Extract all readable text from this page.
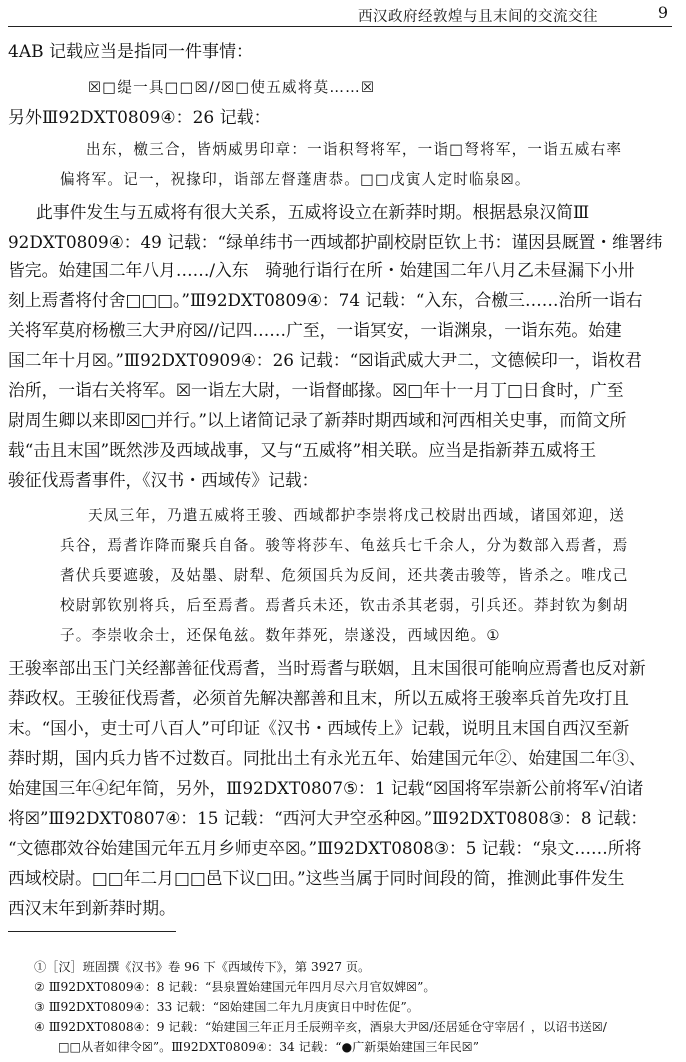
西汉政府经敦煌与且末间的交流交往	9
4AB 记载应当是指同一件事情：
☒□缇一具□□☒//☒□使五威将莫……☒
另外Ⅲ92DXT0809④：26 记载：
出东，檄三合，皆炳威男印章：一诣积弩将军，一诣□弩将军，一诣五威右率
偏将军。记一，祝掾印，诣部左督蓬唐恭。□□戊寅人定时临泉☒。
此事件发生与五威将有很大关系，五威将设立在新莽时期。根据悬泉汉简Ⅲ
92DXT0809④：49 记载：“绿单纬书一西域都护副校尉臣钦上书：谨因县厩置・维署纬
皆完。始建国二年八月……/入东　骑驰行诣行在所・始建国二年八月乙未昼漏下小卅
刻上焉耆将付舍□□□。”Ⅲ92DXT0809④：74 记载：“入东，合檄三……治所一诣右
关将军莫府杨檄三大尹府☒//记四……广至，一诣冥安，一诣渊泉，一诣东苑。始建
国二年十月☒。”Ⅲ92DXT0909④：26 记载：“☒诣武威大尹二，文德候印一，诣枚君
治所，一诣右关将军。☒一诣左大尉，一诣督邮掾。☒□年十一月丁□日食时，广至
尉周生卿以来即☒□并行。”以上诸简记录了新莽时期西域和河西相关史事，而简文所
载“击且末国”既然涉及西域战事，又与“五威将”相关联。应当是指新莽五威将王
骏征伐焉耆事件，《汉书・西域传》记载：
天凤三年，乃遣五威将王骏、西域都护李崇将戊己校尉出西域，诸国郊迎，送
兵谷，焉耆诈降而聚兵自备。骏等将莎车、龟兹兵七千余人，分为数部入焉耆，焉
耆伏兵要遮骏，及姑墨、尉犁、危须国兵为反间，还共袭击骏等，皆杀之。唯戊己
校尉郭钦别将兵，后至焉耆。焉耆兵未还，钦击杀其老弱，引兵还。莽封钦为剼胡
子。李崇收余士，还保龟兹。数年莽死，崇遂没，西域因绝。①
王骏率部出玉门关经鄯善征伐焉耆，当时焉耆与联姻，且末国很可能响应焉耆也反对新
莽政权。王骏征伐焉耆，必须首先解决鄯善和且末，所以五威将王骏率兵首先攻打且
末。“国小，吏士可八百人”可印证《汉书・西域传上》记载，说明且末国自西汉至新
莽时期，国内兵力皆不过数百。同批出土有永光五年、始建国元年②、始建国二年③、
始建国三年④纪年简，另外，Ⅲ92DXT0807⑤：1 记载“☒国将军崇新公前将军√泊诸
将☒”Ⅲ92DXT0807④：15 记载：“西河大尹空丞种☒。”Ⅲ92DXT0808③：8 记载：
“文德郡效谷始建国元年五月乡师吏卒☒。”Ⅲ92DXT0808③：5 记载：“泉文……所将
西域校尉。□□年二月□□邑下议□田。”这些当属于同时间段的简，推测此事件发生
西汉末年到新莽时期。
①［汉］班固撰《汉书》卷 96 下《西域传下》，第 3927 页。
② Ⅲ92DXT0809④：8 记载：“县泉置始建国元年四月尽六月官奴婢☒”。
③ Ⅲ92DXT0809④：33 记载：“☒始建国二年九月庚寅日中时佐促”。
④ Ⅲ92DXT0808④：9 记载：“始建国三年正月壬辰朔辛亥，酒泉大尹☒/还居延仓守宰居亻，以诏书送☒/
□□从者如律令☒”。Ⅲ92DXT0809④：34 记载：“●广新渠始建国三年民☒”
